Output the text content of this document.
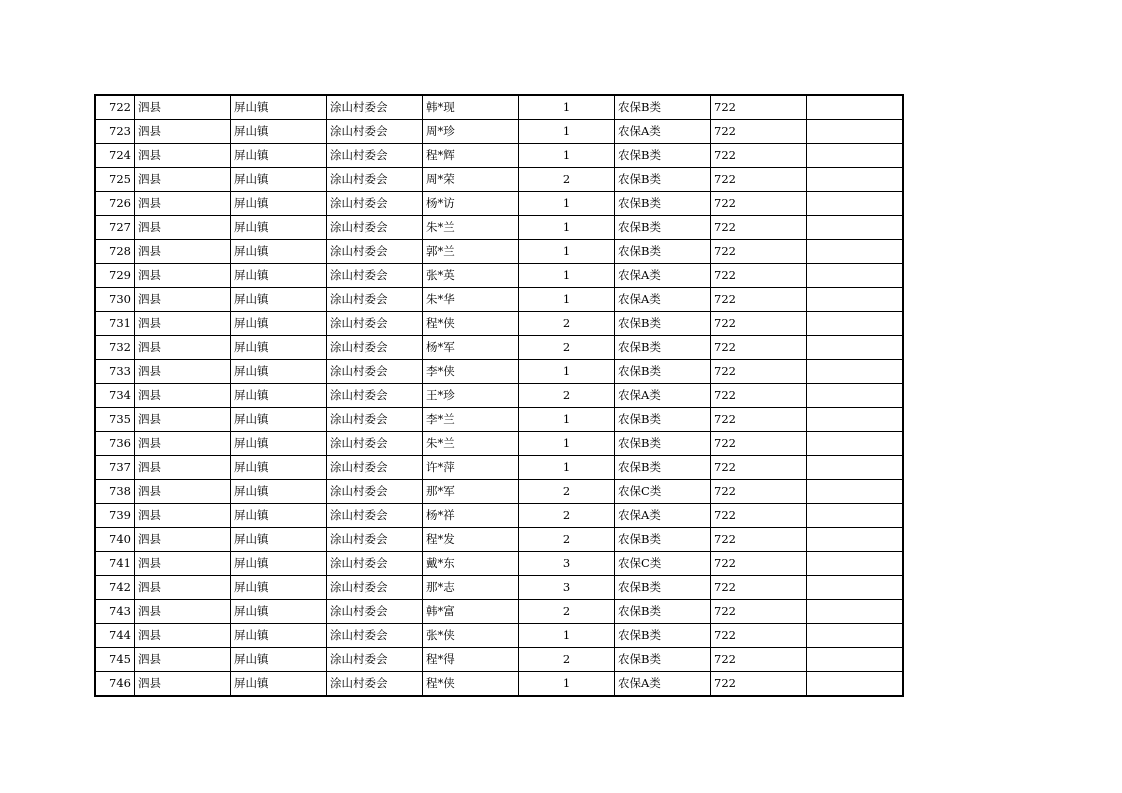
722	泗县	屏山镇	涂山村委会	韩*现	1	农保B类	722	
723	泗县	屏山镇	涂山村委会	周*珍	1	农保A类	722	
724	泗县	屏山镇	涂山村委会	程*辉	1	农保B类	722	
725	泗县	屏山镇	涂山村委会	周*荣	2	农保B类	722	
726	泗县	屏山镇	涂山村委会	杨*访	1	农保B类	722	
727	泗县	屏山镇	涂山村委会	朱*兰	1	农保B类	722	
728	泗县	屏山镇	涂山村委会	郭*兰	1	农保B类	722	
729	泗县	屏山镇	涂山村委会	张*英	1	农保A类	722	
730	泗县	屏山镇	涂山村委会	朱*华	1	农保A类	722	
731	泗县	屏山镇	涂山村委会	程*侠	2	农保B类	722	
732	泗县	屏山镇	涂山村委会	杨*军	2	农保B类	722	
733	泗县	屏山镇	涂山村委会	李*侠	1	农保B类	722	
734	泗县	屏山镇	涂山村委会	王*珍	2	农保A类	722	
735	泗县	屏山镇	涂山村委会	李*兰	1	农保B类	722	
736	泗县	屏山镇	涂山村委会	朱*兰	1	农保B类	722	
737	泗县	屏山镇	涂山村委会	许*萍	1	农保B类	722	
738	泗县	屏山镇	涂山村委会	那*军	2	农保C类	722	
739	泗县	屏山镇	涂山村委会	杨*祥	2	农保A类	722	
740	泗县	屏山镇	涂山村委会	程*发	2	农保B类	722	
741	泗县	屏山镇	涂山村委会	戴*东	3	农保C类	722	
742	泗县	屏山镇	涂山村委会	那*志	3	农保B类	722	
743	泗县	屏山镇	涂山村委会	韩*富	2	农保B类	722	
744	泗县	屏山镇	涂山村委会	张*侠	1	农保B类	722	
745	泗县	屏山镇	涂山村委会	程*得	2	农保B类	722	
746	泗县	屏山镇	涂山村委会	程*侠	1	农保A类	722	
